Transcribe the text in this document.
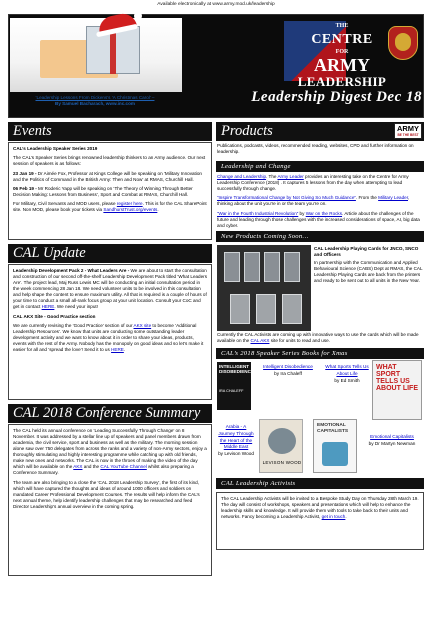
Available electronically at www.army.mod.uk/leadership
‘Leadership Lessons From Dickens’s ‘A Christmas Carol’ –
By Samuel Bacharach, www.inc.com
THE
CENTRE
FOR
ARMY
LEADERSHIP
Leadership Digest Dec 18
Events

CAL’s Leadership Speaker Series 2019

The CAL’s Speaker Series brings renowned leadership thinkers to an Army audience. Our next session of speakers is as follows:

23 Jan 19 - Dr Aimée Fox, Professor at Kings College will be speaking on ‘Military Innovation and the Politics of Command in the British Army: Then and Now’ at RMAS, Churchill Hall.

06 Feb 19 - Mr Roderic Yapp will be speaking on ‘The Theory of Winning Through Better Decision Making: Lessons from Business’, Sport and Combat at RMAS, Churchill Hall.

For Military, Civil Servants and MOD users, please register here. This is for the CAL SharePoint site. Non MOD, please book your tickets via SandhurstTrust.org/events.

CAL Update

Leadership Development Pack 2 - What Leaders Are - We are about to start the consultation and construction of our second off-the-shelf Leadership Development Pack titled ‘What Leaders Are’. The project lead, Maj Russ Lewis MC will be conducting an initial consultation period in the week commencing 28 Jan 18. We need volunteer units to be involved in this consultation and help shape the content to ensure maximum utility. All that is required is a couple of hours of your time to conduct a small all-rank focus group at your unit location. Consult your CoC and get in contact HERE. We need your input!

CAL AKX Site - Good Practice section

We are currently revising the ‘Good Practice’ section of our AKX site to become ‘Additional Leadership Resources’. We know that units are conducting some outstanding leader development activity and we want to know about it in order to share your ideas, products, events with the rest of the Army. Nobody has the monopoly on good ideas and so let’s make it easier for all and ‘spread the love’! Send it to us HERE.

CAL 2018 Conference Summary

The CAL held its annual conference on ‘Leading Successfully Through Change’ on 8 November. It was addressed by a stellar line up of speakers and panel members drawn from academia, the civil service, sport and business as well as the military. The morning session alone saw over 750 delegates from across the ranks and a variety of non-Army sectors, enjoy a thoroughly stimulating and highly interesting programme while catching up with old friends, make new ones and networks. The CAL is now in the throes of making the video of the day which will be available on the AKX and the CAL YouTube Channel whilst also preparing a Conference Summary.

The team are also bringing to a close the ‘CAL 2018 Leadership Survey’, the first of its kind, which will have captured the thoughts and ideas of around 1000 officers and soldiers on mandated Career Professional Development Courses. The results will help inform the CAL’s next annual theme, help identify leadership challenges that may be researched and feed Director Leadership’s annual overview in the coming spring.

Products	ARMY
BE THE BEST
Publications, podcasts, videos, recommended reading, websites, CPD and further information on leadership.
Leadership and Change

Change and Leadership. The Army Leader provides an interesting take on the Centre for Army Leadership Conference (2018) . It captures 5 lessons from the day when attempting to lead successfully through change.

“Inspire Transformational Change by Not Giving So Much Guidance”. From the Military Leader, thinking about the unit you’re in or the team you’re on.

“War in the Fourth Industrial Revolution” by War on the Rocks. Article about the challenges of the future and leading through those challenges with the increased considerations of space, AI, big data and cyber.

New Products Coming Soon…
CAL Leadership Playing Cards for JNCO, SNCO and Officers
In partnership with the Communication and Applied Behavioural Science (CABS) Dept at RMAS, the CAL Leadership Playing Cards are back from the printers and ready to be sent out to all units in the New Year.
Currently the CAL Activists are coming up with innovative ways to use the cards which will be made available on the CAL AKX site for units to read and use.
CAL’s 2018 Speaker Series Books for Xmas
INTELLIGENT DISOBEDIENCE
IRA CHALEFF
Intelligent Disobedience
by Ira Chaleff
What Sports Tells Us About Life
by Ed Smith
WHAT SPORT TELLS US ABOUT LIFE
Arabia - A Journey Through the Heart of the Middle East
by Levison Wood
LEVISON WOOD
EMOTIONAL CAPITALISTS
Emotional Capitalists
by Dr Martyn Newman
CAL Leadership Activists
The CAL Leadership Activists will be invited to a Bespoke Study Day on Thursday 28th March 19. The day will consist of workshops, speakers and presentations which will help to enhance the leadership skills and knowledge. It will provide them with tools to take back to their units and networks. Fancy becoming a Leadership Activist, get in touch.
